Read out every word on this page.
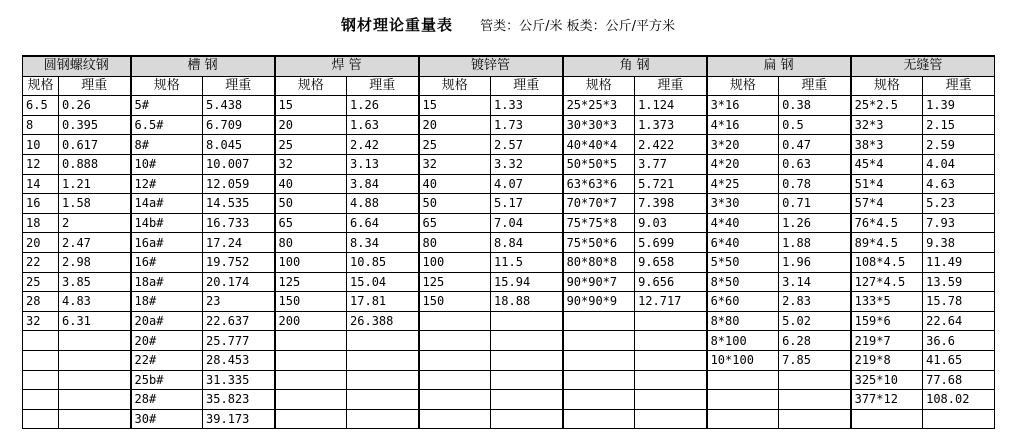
钢材理论重量表 管类：公斤/米 板类：公斤/平方米
圆钢螺纹钢		槽 钢		焊 管		镀锌管		角 钢		扁 钢		无缝管	
规格	理重	规格	理重	规格	理重	规格	理重	规格	理重	规格	理重	规格	理重
6.5	0.26	5#	5.438	15	1.26	15	1.33	25*25*3	1.124	3*16	0.38	25*2.5	1.39
8	0.395	6.5#	6.709	20	1.63	20	1.73	30*30*3	1.373	4*16	0.5	32*3	2.15
10	0.617	8#	8.045	25	2.42	25	2.57	40*40*4	2.422	3*20	0.47	38*3	2.59
12	0.888	10#	10.007	32	3.13	32	3.32	50*50*5	3.77	4*20	0.63	45*4	4.04
14	1.21	12#	12.059	40	3.84	40	4.07	63*63*6	5.721	4*25	0.78	51*4	4.63
16	1.58	14a#	14.535	50	4.88	50	5.17	70*70*7	7.398	3*30	0.71	57*4	5.23
18	2	14b#	16.733	65	6.64	65	7.04	75*75*8	9.03	4*40	1.26	76*4.5	7.93
20	2.47	16a#	17.24	80	8.34	80	8.84	75*50*6	5.699	6*40	1.88	89*4.5	9.38
22	2.98	16#	19.752	100	10.85	100	11.5	80*80*8	9.658	5*50	1.96	108*4.5	11.49
25	3.85	18a#	20.174	125	15.04	125	15.94	90*90*7	9.656	8*50	3.14	127*4.5	13.59
28	4.83	18#	23	150	17.81	150	18.88	90*90*9	12.717	6*60	2.83	133*5	15.78
32	6.31	20a#	22.637	200	26.388					8*80	5.02	159*6	22.64
		20#	25.777							8*100	6.28	219*7	36.6
		22#	28.453							10*100	7.85	219*8	41.65
		25b#	31.335									325*10	77.68
		28#	35.823									377*12	108.02
		30#	39.173										
